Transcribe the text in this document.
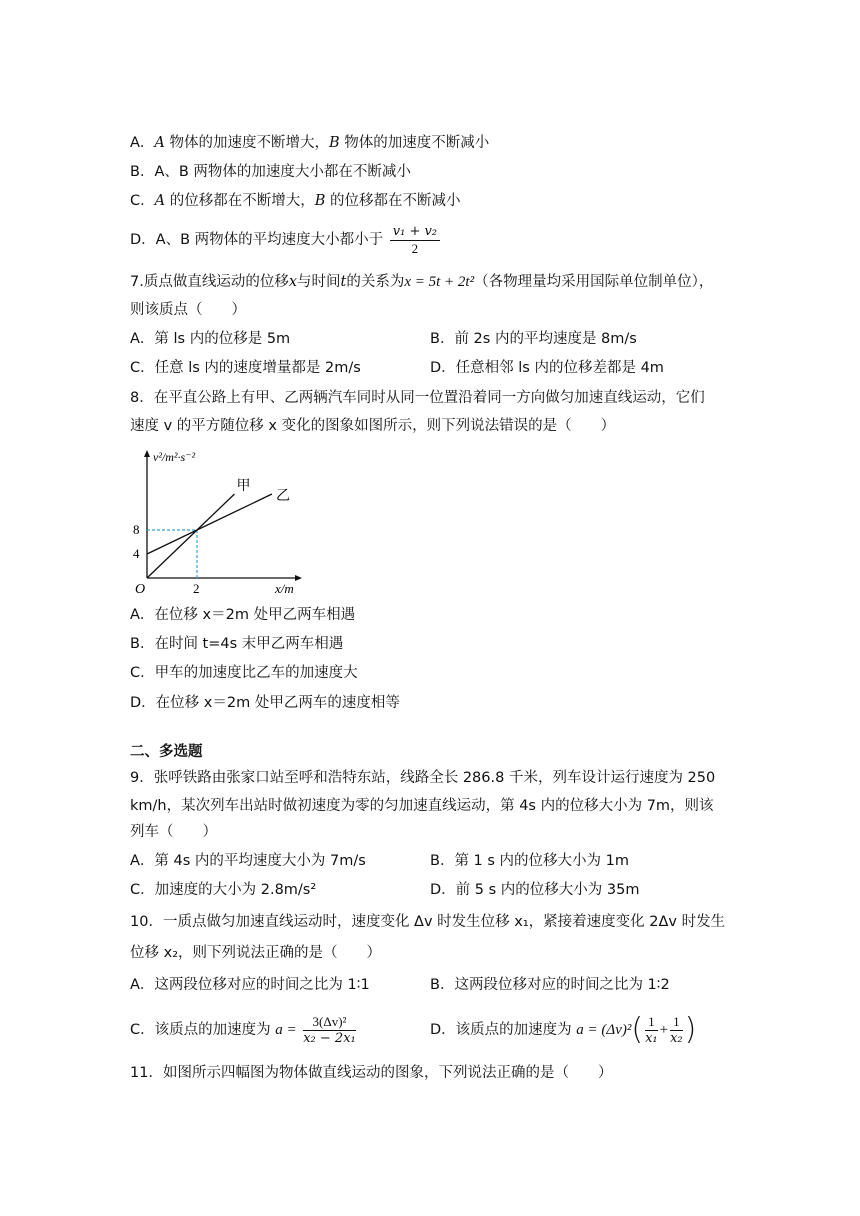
A．A 物体的加速度不断增大，B 物体的加速度不断减小
B．A、B 两物体的加速度大小都在不断减小
C．A 的位移都在不断增大，B 的位移都在不断减小
D．A、B 两物体的平均速度大小都小于 $\frac{\text{v₁ + v₂}}{2}$
7.质点做直线运动的位移x与时间t的关系为x = 5t + 2t²（各物理量均采用国际单位制单位），
则该质点（　　）
A．第 ls 内的位移是 5m	B．前 2s 内的平均速度是 8m/s
C．任意 ls 内的速度增量都是 2m/s	D．任意相邻 ls 内的位移差都是 4m
8．在平直公路上有甲、乙两辆汽车同时从同一位置沿着同一方向做匀加速直线运动，它们
速度 v 的平方随位移 x 变化的图象如图所示，则下列说法错误的是（　　）
v²/m²·s⁻²
x/m
O	2
4
8
甲
乙
A．在位移 x＝2m 处甲乙两车相遇
B．在时间 t=4s 末甲乙两车相遇
C．甲车的加速度比乙车的加速度大
D．在位移 x＝2m 处甲乙两车的速度相等
二、多选题
9．张呼铁路由张家口站至呼和浩特东站，线路全长 286.8 千米，列车设计运行速度为 250
km/h，某次列车出站时做初速度为零的匀加速直线运动，第 4s 内的位移大小为 7m，则该
列车（　　）
A．第 4s 内的平均速度大小为 7m/s	B．第 1 s 内的位移大小为 1m
C．加速度的大小为 2.8m/s²	D．前 5 s 内的位移大小为 35m
10．一质点做匀加速直线运动时，速度变化 Δv 时发生位移 x₁，紧接着速度变化 2Δv 时发生
位移 x₂，则下列说法正确的是（　　）
A．这两段位移对应的时间之比为 1∶1	B．这两段位移对应的时间之比为 1∶2
C．该质点的加速度为 $a = \frac{\text{3(Δv)²}}{\text{x₂ − 2x₁}}$	D．该质点的加速度为 $a = (\Delta v)^2( \frac{1}{\text{x₁}} + \frac{1}{\text{x₂}}$ )
11．如图所示四幅图为物体做直线运动的图象，下列说法正确的是（　　）
